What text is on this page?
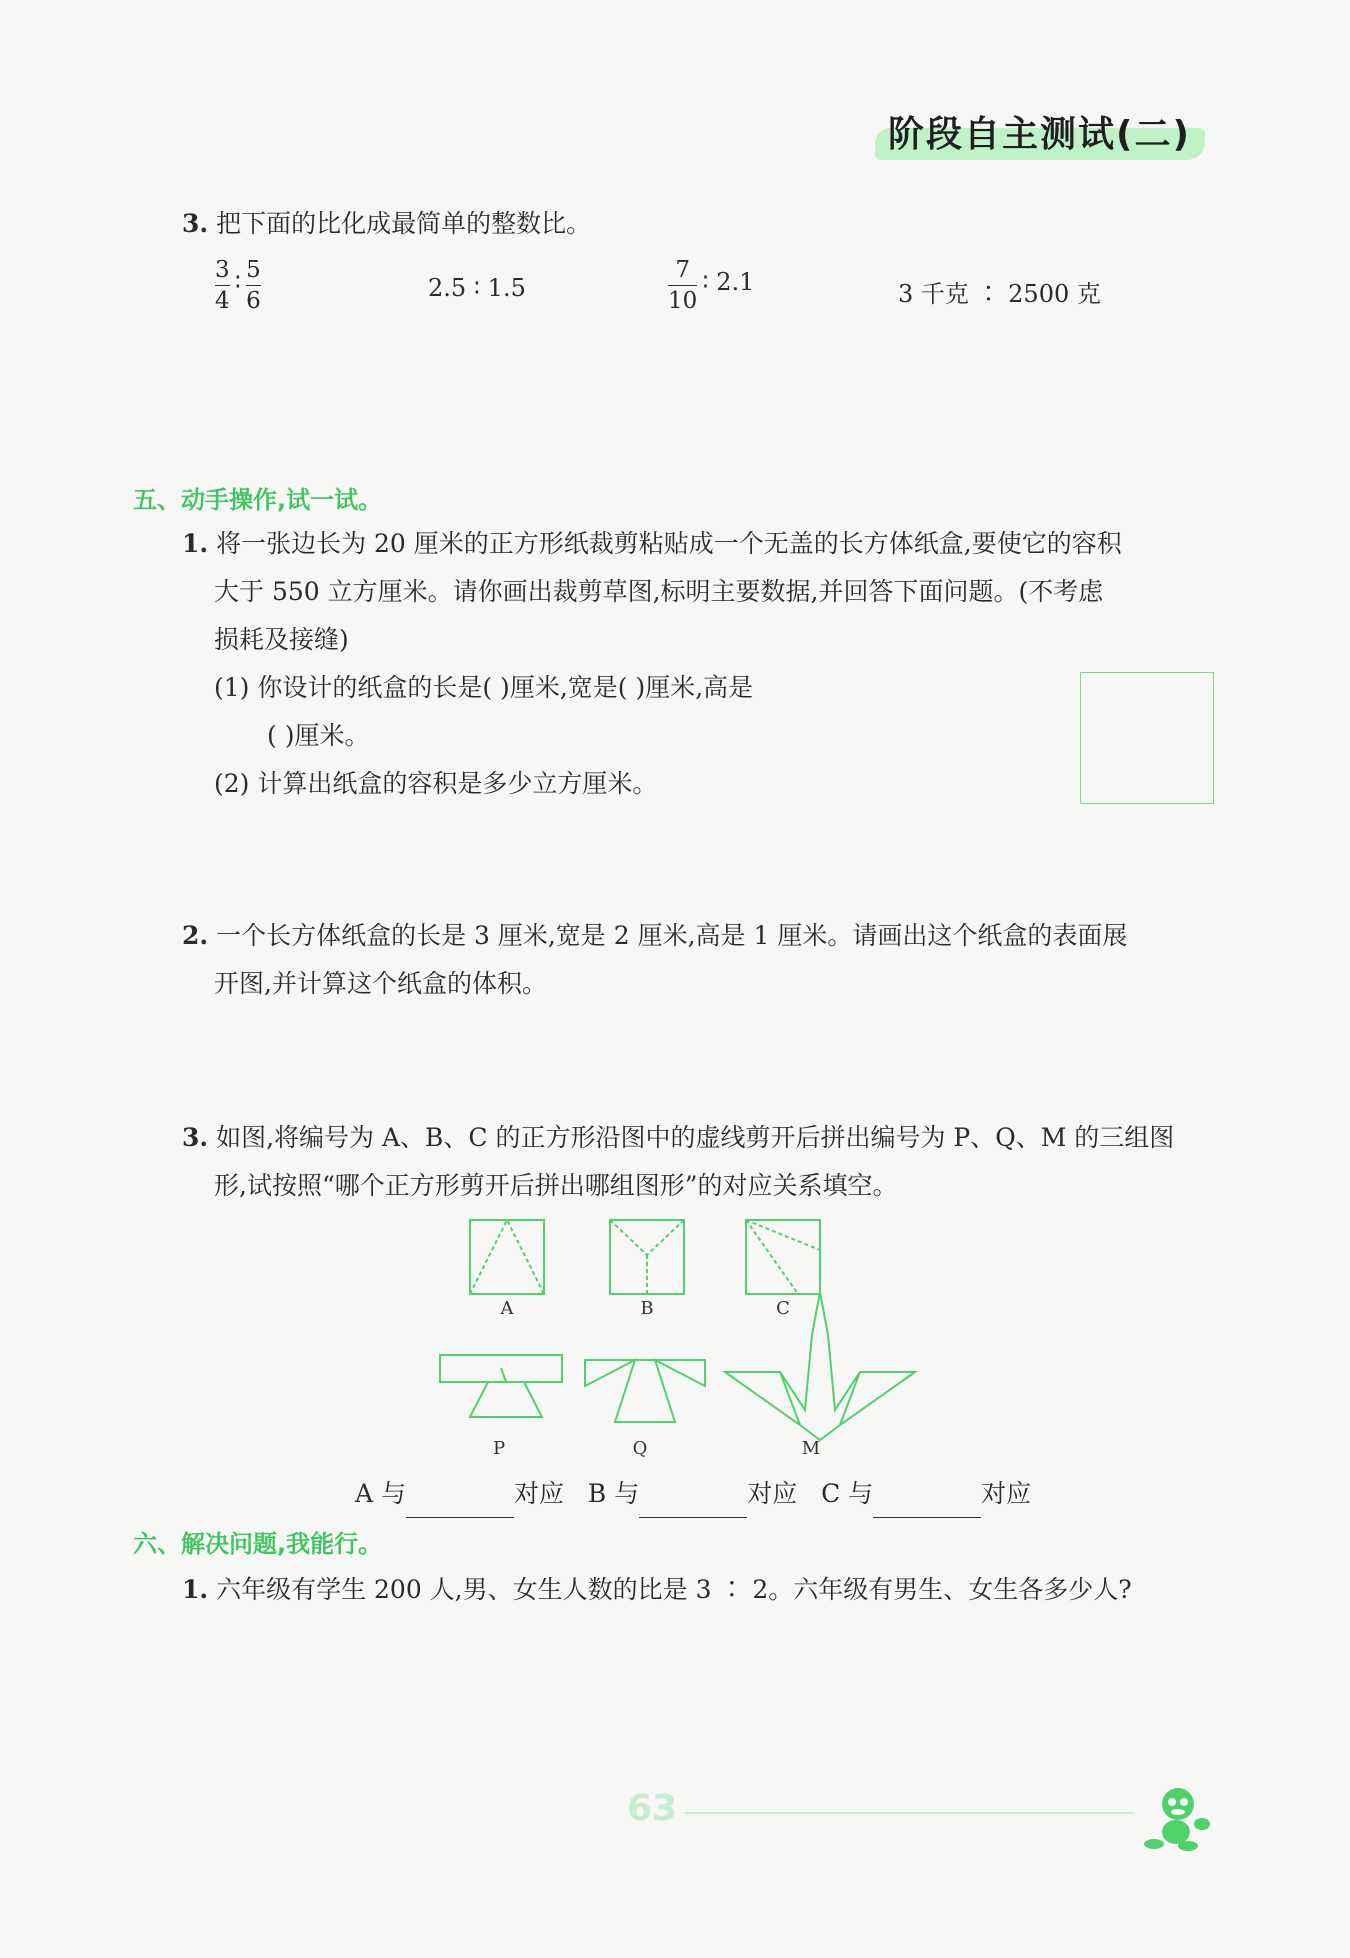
阶段自主测试(二)
3. 把下面的比化成最简单的整数比。
$\frac{3}{4}$ ∶ $\frac{5}{6}$	2.5 ∶ 1.5	$\frac{7}{10}$ ∶ 2.1	3 千克 ∶ 2500 克
五、动手操作,试一试。
1. 将一张边长为 20 厘米的正方形纸裁剪粘贴成一个无盖的长方体纸盒,要使它的容积
大于 550 立方厘米。请你画出裁剪草图,标明主要数据,并回答下面问题。(不考虑
损耗及接缝)
(1) 你设计的纸盒的长是( )厘米,宽是( )厘米,高是
( )厘米。
(2) 计算出纸盒的容积是多少立方厘米。
2. 一个长方体纸盒的长是 3 厘米,宽是 2 厘米,高是 1 厘米。请画出这个纸盒的表面展
开图,并计算这个纸盒的体积。
3. 如图,将编号为 A、B、C 的正方形沿图中的虚线剪开后拼出编号为 P、Q、M 的三组图
形,试按照“哪个正方形剪开后拼出哪组图形”的对应关系填空。
A	B	C
P	Q	M
A 与	对应 B 与	对应 C 与	对应
六、解决问题,我能行。
1. 六年级有学生 200 人,男、女生人数的比是 3 ∶ 2。六年级有男生、女生各多少人?
63
